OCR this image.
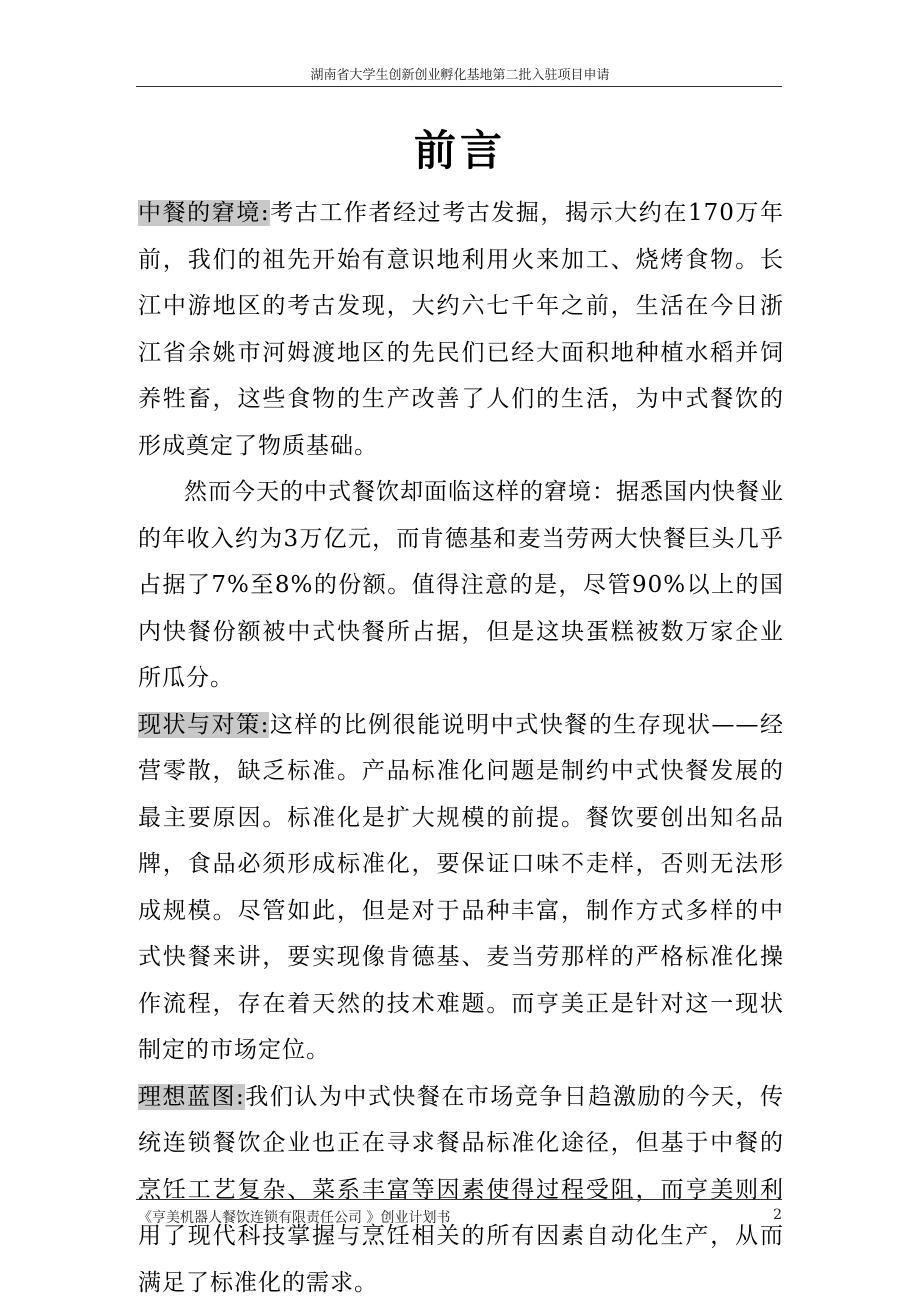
湖南省大学生创新创业孵化基地第二批入驻项目申请
前言

中餐的窘境:考古工作者经过考古发掘，揭示大约在170万年前，我们的祖先开始有意识地利用火来加工、烧烤食物。长江中游地区的考古发现，大约六七千年之前，生活在今日浙江省余姚市河姆渡地区的先民们已经大面积地种植水稻并饲养牲畜，这些食物的生产改善了人们的生活，为中式餐饮的形成奠定了物质基础。

然而今天的中式餐饮却面临这样的窘境：据悉国内快餐业的年收入约为3万亿元，而肯德基和麦当劳两大快餐巨头几乎占据了7%至8%的份额。值得注意的是，尽管90%以上的国内快餐份额被中式快餐所占据，但是这块蛋糕被数万家企业所瓜分。

现状与对策:这样的比例很能说明中式快餐的生存现状——经营零散，缺乏标准。产品标准化问题是制约中式快餐发展的最主要原因。标准化是扩大规模的前提。餐饮要创出知名品牌，食品必须形成标准化，要保证口味不走样，否则无法形成规模。尽管如此，但是对于品种丰富，制作方式多样的中式快餐来讲，要实现像肯德基、麦当劳那样的严格标准化操作流程，存在着天然的技术难题。而亨美正是针对这一现状制定的市场定位。

理想蓝图:我们认为中式快餐在市场竞争日趋激励的今天，传统连锁餐饮企业也正在寻求餐品标准化途径，但基于中餐的烹饪工艺复杂、菜系丰富等因素使得过程受阻，而亨美则利用了现代科技掌握与烹饪相关的所有因素自动化生产，从而满足了标准化的需求。

《亨美机器人餐饮连锁有限责任公司 》创业计划书	2
